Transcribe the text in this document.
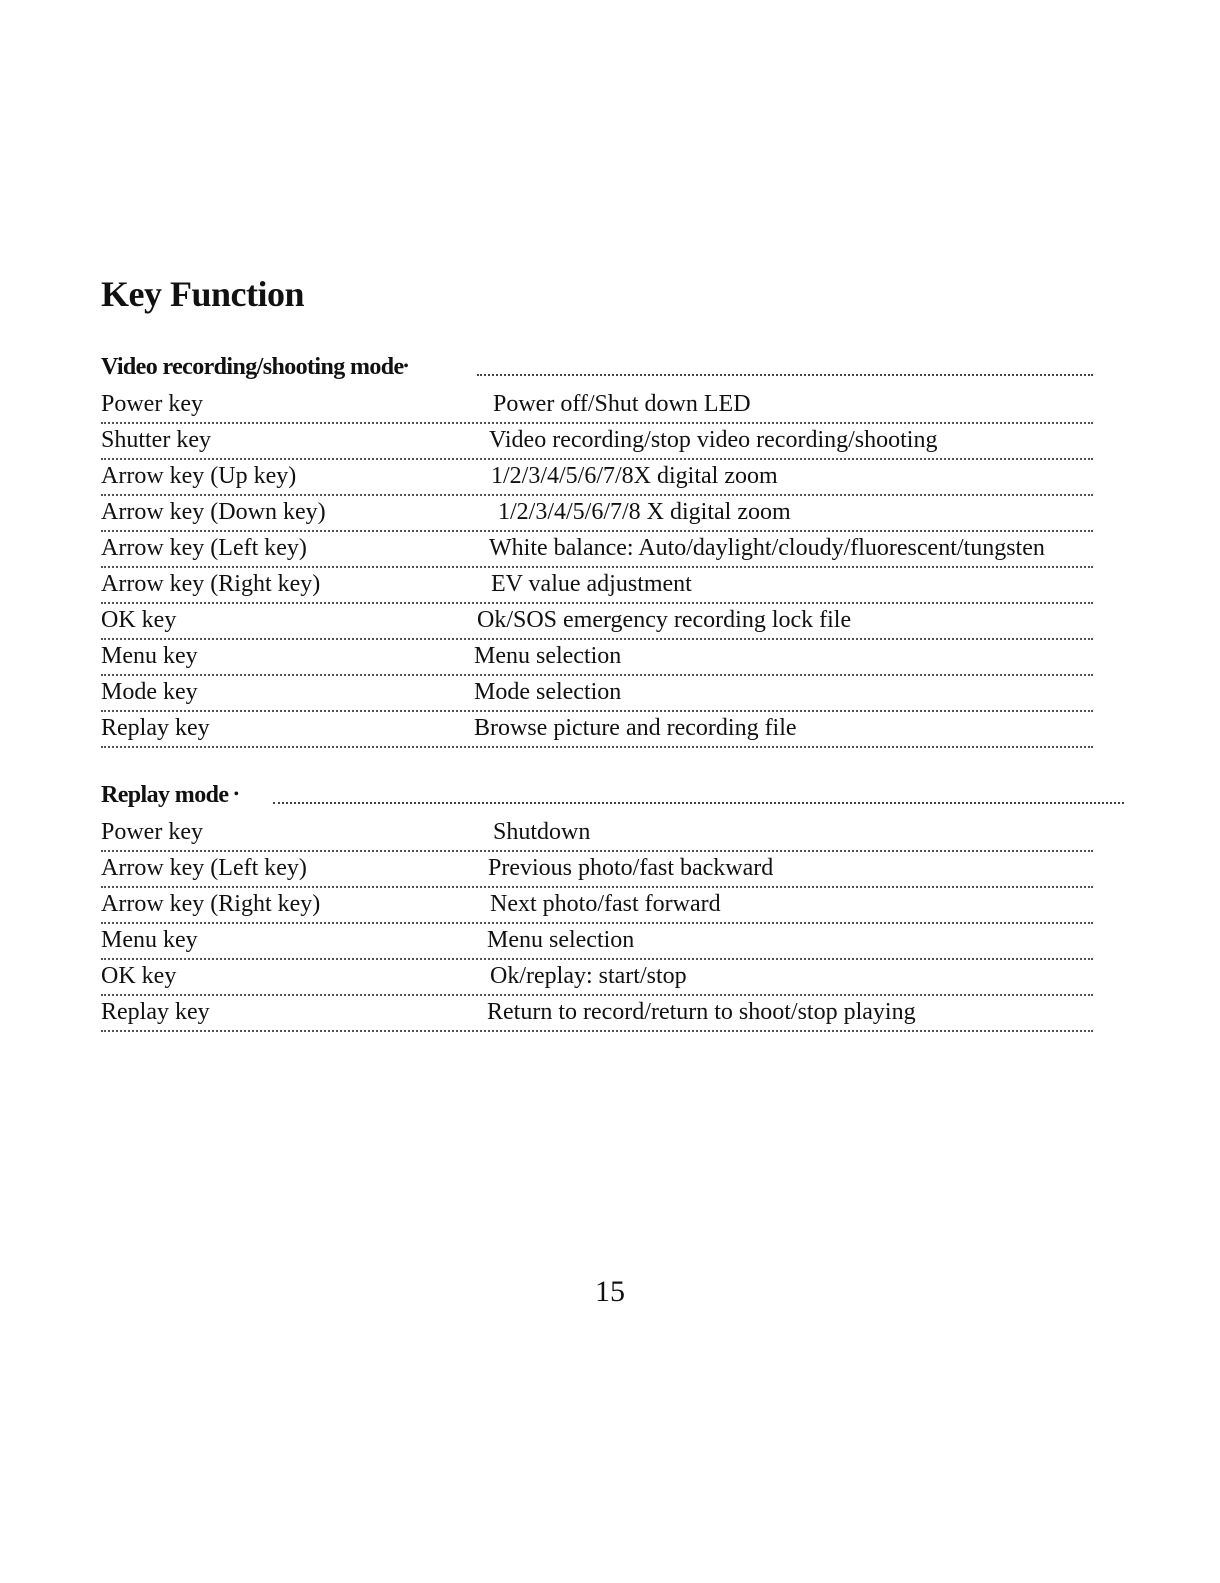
Key Function
Video recording/shooting mode•
Power key	Power off/Shut down LED
Shutter key	Video recording/stop video recording/shooting
Arrow key (Up key)	1/2/3/4/5/6/7/8X digital zoom
Arrow key (Down key)	1/2/3/4/5/6/7/8 X digital zoom
Arrow key (Left key)	White balance: Auto/daylight/cloudy/fluorescent/tungsten
Arrow key (Right key)	EV value adjustment
OK key	Ok/SOS emergency recording lock file
Menu key	Menu selection
Mode key	Mode selection
Replay key	Browse picture and recording file
Replay mode •
Power key	Shutdown
Arrow key (Left key)	Previous photo/fast backward
Arrow key (Right key)	Next photo/fast forward
Menu key	Menu selection
OK key	Ok/replay: start/stop
Replay key	Return to record/return to shoot/stop playing
15
